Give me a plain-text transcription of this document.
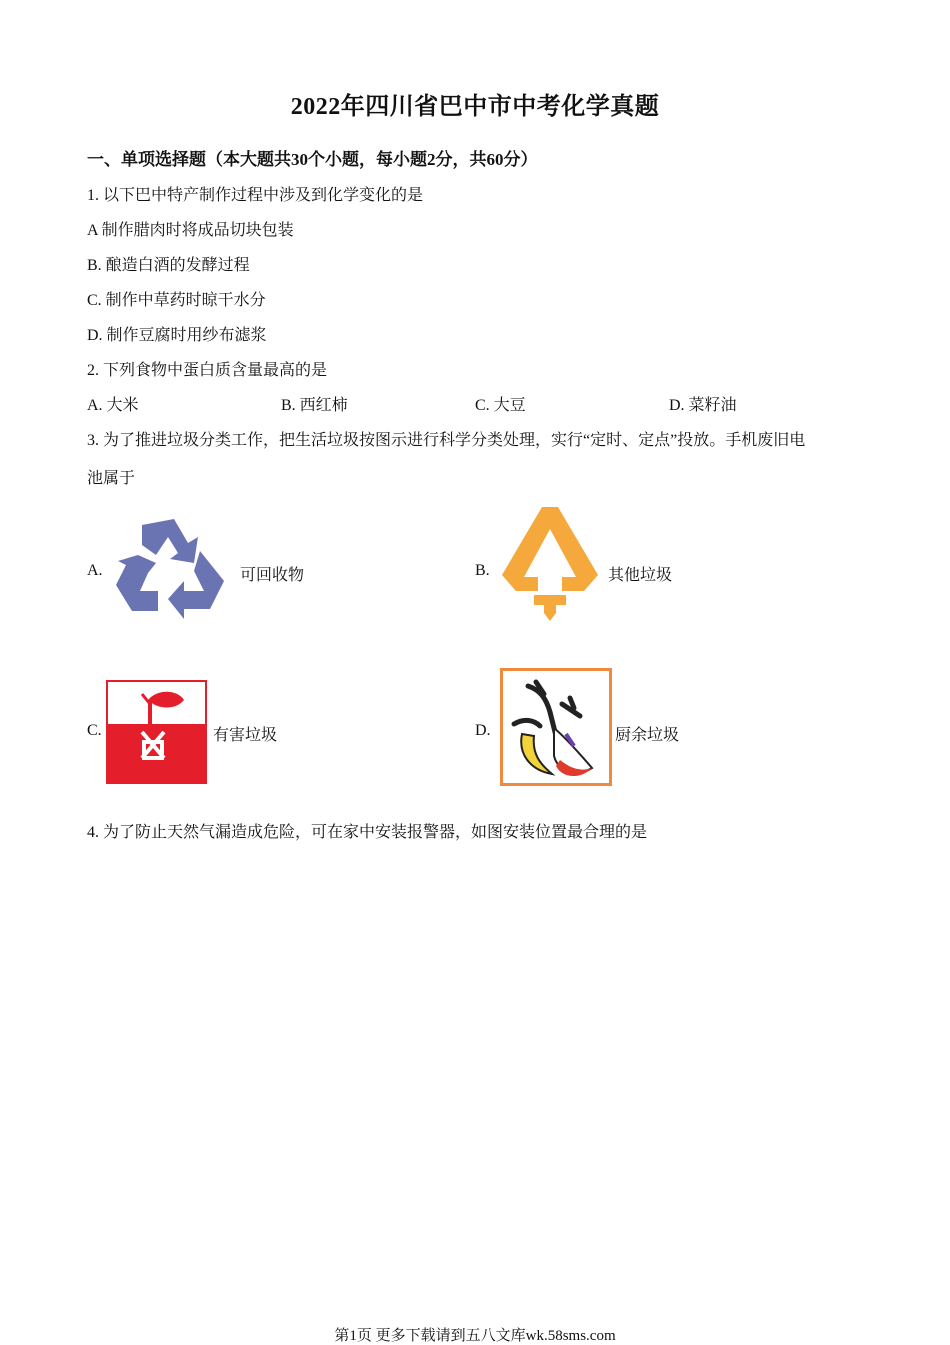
2022年四川省巴中市中考化学真题
一、单项选择题（本大题共30个小题，每小题2分，共60分）
1. 以下巴中特产制作过程中涉及到化学变化的是
A 制作腊肉时将成品切块包装
B. 酿造白酒的发酵过程
C. 制作中草药时晾干水分
D. 制作豆腐时用纱布滤浆
2. 下列食物中蛋白质含量最高的是
A. 大米	B. 西红柿	C. 大豆	D. 菜籽油
3. 为了推进垃圾分类工作，把生活垃圾按图示进行科学分类处理，实行“定时、定点”投放。手机废旧电
池属于
A.	可回收物	B.	其他垃圾
C.	有害垃圾	D.	厨余垃圾
4. 为了防止天然气漏造成危险，可在家中安装报警器，如图安装位置最合理的是
第1页 更多下载请到五八文库wk.58sms.com
